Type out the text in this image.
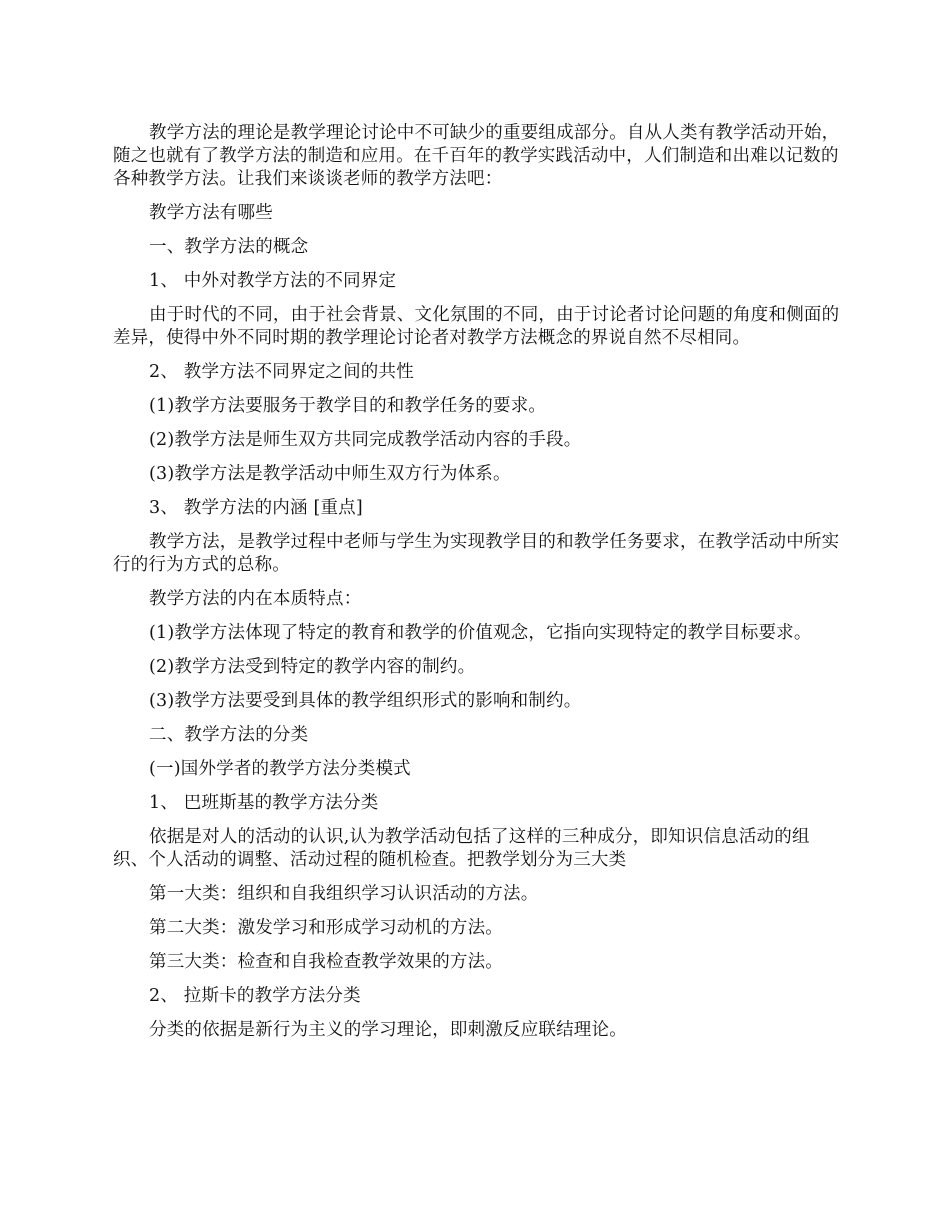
教学方法的理论是教学理论讨论中不可缺少的重要组成部分。自从人类有教学活动开始，随之也就有了教学方法的制造和应用。在千百年的教学实践活动中，人们制造和出难以记数的各种教学方法。让我们来谈谈老师的教学方法吧：

教学方法有哪些

一、教学方法的概念

1、 中外对教学方法的不同界定

由于时代的不同，由于社会背景、文化氛围的不同，由于讨论者讨论问题的角度和侧面的差异，使得中外不同时期的教学理论讨论者对教学方法概念的界说自然不尽相同。

2、 教学方法不同界定之间的共性

(1)教学方法要服务于教学目的和教学任务的要求。

(2)教学方法是师生双方共同完成教学活动内容的手段。

(3)教学方法是教学活动中师生双方行为体系。

3、 教学方法的内涵 [重点]

教学方法，是教学过程中老师与学生为实现教学目的和教学任务要求，在教学活动中所实行的行为方式的总称。

教学方法的内在本质特点：

(1)教学方法体现了特定的教育和教学的价值观念，它指向实现特定的教学目标要求。

(2)教学方法受到特定的教学内容的制约。

(3)教学方法要受到具体的教学组织形式的影响和制约。

二、教学方法的分类

(一)国外学者的教学方法分类模式

1、 巴班斯基的教学方法分类

依据是对人的活动的认识,认为教学活动包括了这样的三种成分，即知识信息活动的组织、个人活动的调整、活动过程的随机检查。把教学划分为三大类

第一大类：组织和自我组织学习认识活动的方法。

第二大类：激发学习和形成学习动机的方法。

第三大类：检查和自我检查教学效果的方法。

2、 拉斯卡的教学方法分类

分类的依据是新行为主义的学习理论，即刺激反应联结理论。
